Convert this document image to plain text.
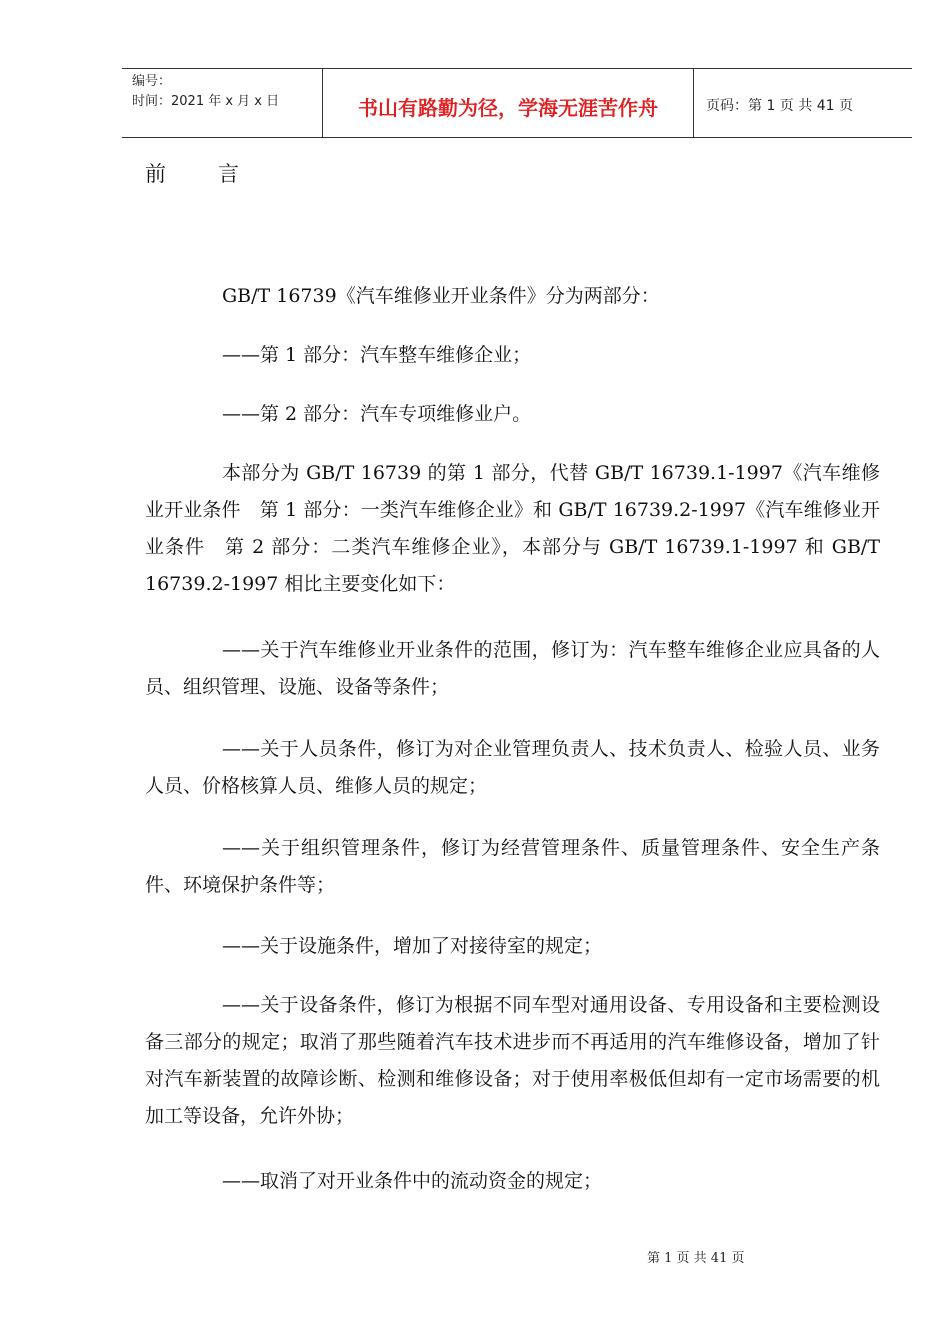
编号：
时间：2021 年 x 月 x 日	书山有路勤为径，学海无涯苦作舟	页码：第 1 页 共 41 页
前 言

GB/T 16739《汽车维修业开业条件》分为两部分：

——第 1 部分：汽车整车维修企业；

——第 2 部分：汽车专项维修业户。

本部分为 GB/T 16739 的第 1 部分，代替 GB/T 16739.1-1997《汽车维修业开业条件　第 1 部分：一类汽车维修企业》和 GB/T 16739.2-1997《汽车维修业开业条件　第 2 部分：二类汽车维修企业》，本部分与 GB/T 16739.1-1997 和 GB/T 16739.2-1997 相比主要变化如下：

——关于汽车维修业开业条件的范围，修订为：汽车整车维修企业应具备的人员、组织管理、设施、设备等条件；

——关于人员条件，修订为对企业管理负责人、技术负责人、检验人员、业务人员、价格核算人员、维修人员的规定；

——关于组织管理条件，修订为经营管理条件、质量管理条件、安全生产条件、环境保护条件等；

——关于设施条件，增加了对接待室的规定；

——关于设备条件，修订为根据不同车型对通用设备、专用设备和主要检测设备三部分的规定；取消了那些随着汽车技术进步而不再适用的汽车维修设备，增加了针对汽车新装置的故障诊断、检测和维修设备；对于使用率极低但却有一定市场需要的机加工等设备，允许外协；

——取消了对开业条件中的流动资金的规定；

第 1 页 共 41 页
